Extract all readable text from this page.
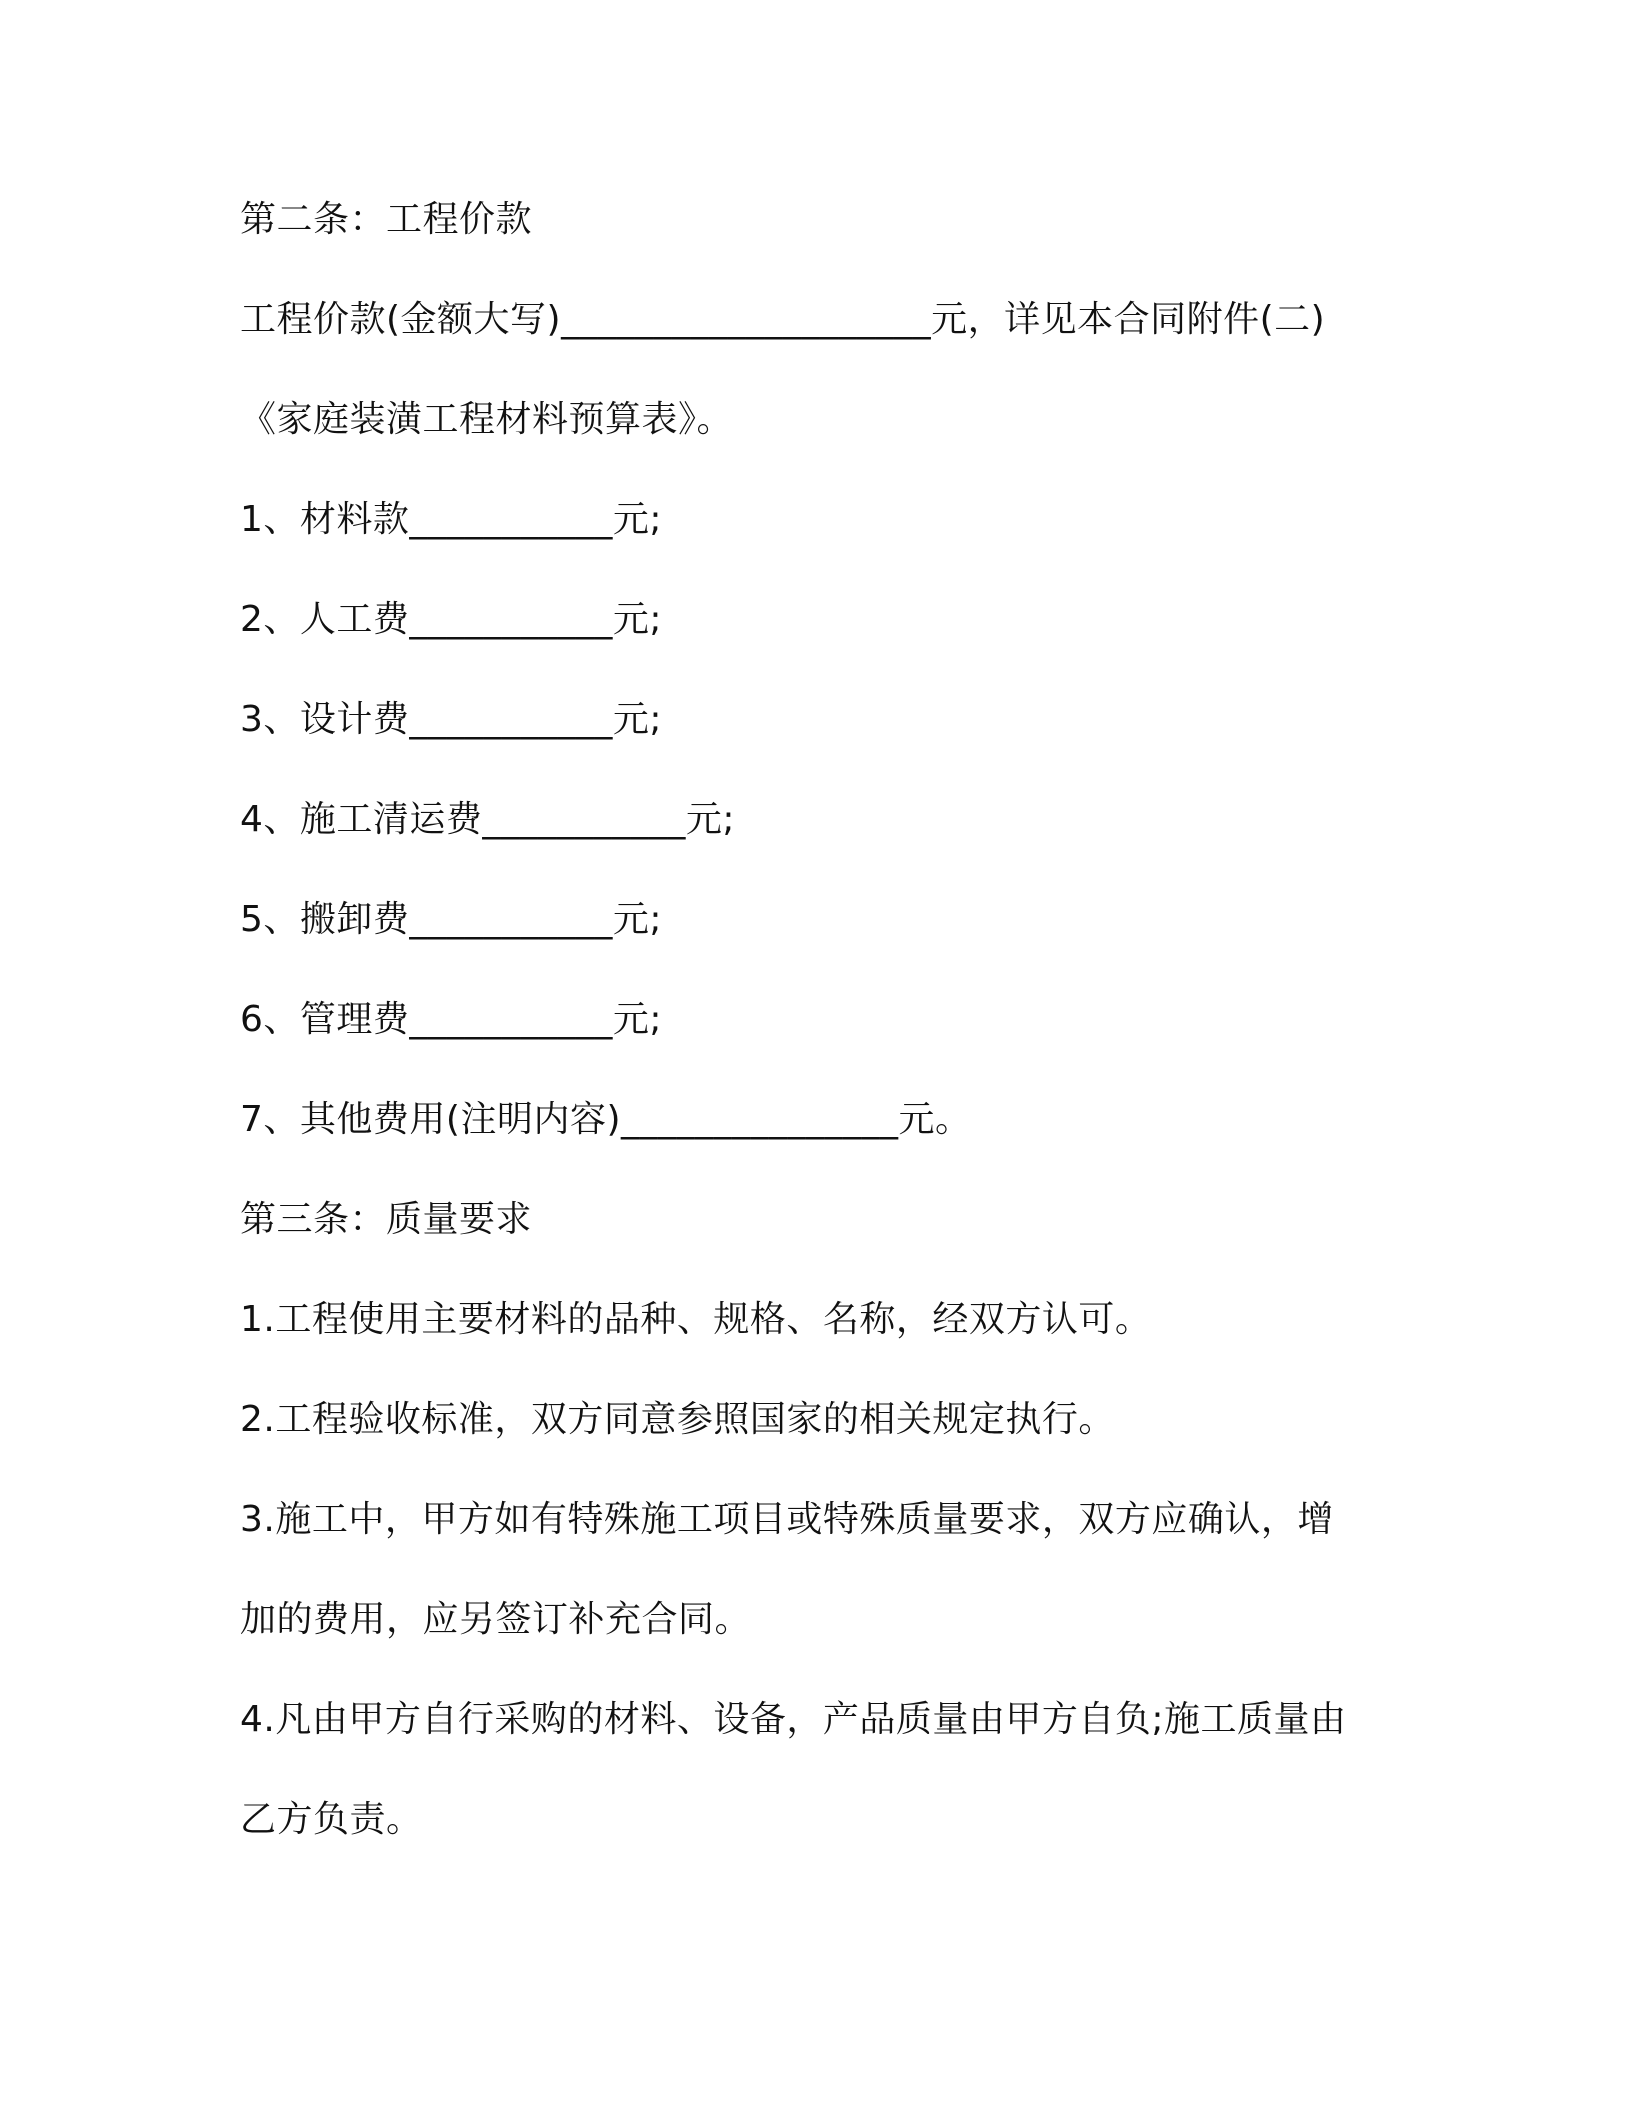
第二条：工程价款
工程价款(金额大写)____________________元，详见本合同附件(二)
《家庭装潢工程材料预算表》。
1、材料款___________元;
2、人工费___________元;
3、设计费___________元;
4、施工清运费___________元;
5、搬卸费___________元;
6、管理费___________元;
7、其他费用(注明内容)_______________元。
第三条：质量要求
1.工程使用主要材料的品种、规格、名称，经双方认可。
2.工程验收标准，双方同意参照国家的相关规定执行。
3.施工中，甲方如有特殊施工项目或特殊质量要求，双方应确认，增
加的费用，应另签订补充合同。
4.凡由甲方自行采购的材料、设备，产品质量由甲方自负;施工质量由
乙方负责。
